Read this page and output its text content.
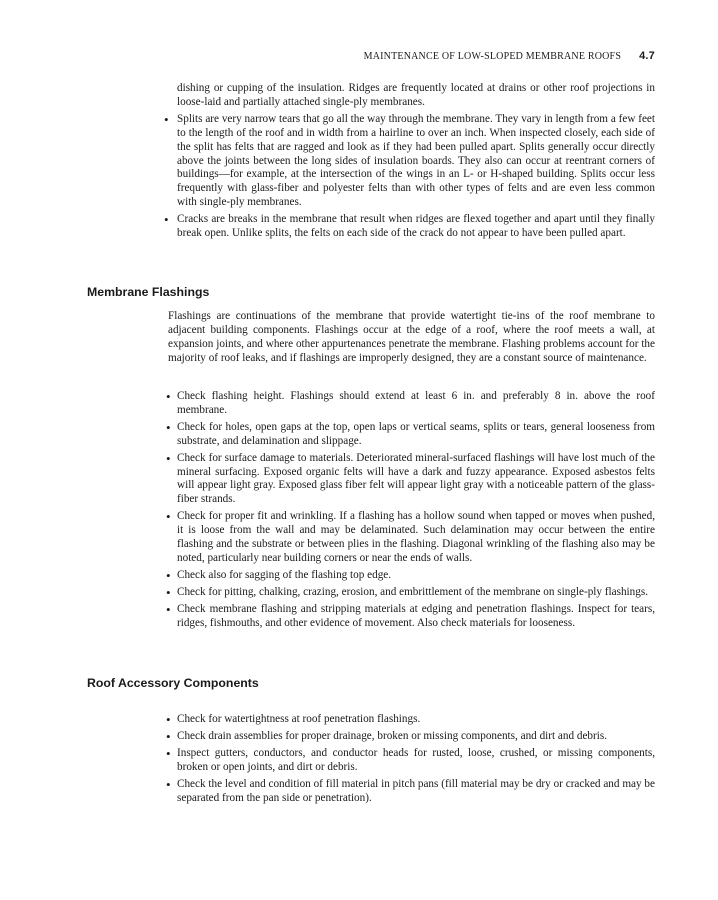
MAINTENANCE OF LOW-SLOPED MEMBRANE ROOFS 4.7
dishing or cupping of the insulation. Ridges are frequently located at drains or other roof projections in loose-laid and partially attached single-ply membranes.
• Splits are very narrow tears that go all the way through the membrane. They vary in length from a few feet to the length of the roof and in width from a hairline to over an inch. When inspected closely, each side of the split has felts that are ragged and look as if they had been pulled apart. Splits generally occur directly above the joints between the long sides of insulation boards. They also can occur at reentrant corners of buildings—for example, at the intersection of the wings in an L- or H-shaped building. Splits occur less frequently with glass-fiber and polyester felts than with other types of felts and are even less common with single-ply membranes.
• Cracks are breaks in the membrane that result when ridges are flexed together and apart until they finally break open. Unlike splits, the felts on each side of the crack do not appear to have been pulled apart.
Membrane Flashings
Flashings are continuations of the membrane that provide watertight tie-ins of the roof membrane to adjacent building components. Flashings occur at the edge of a roof, where the roof meets a wall, at expansion joints, and where other appurtenances penetrate the membrane. Flashing problems account for the majority of roof leaks, and if flashings are improperly designed, they are a constant source of maintenance.
• Check flashing height. Flashings should extend at least 6 in. and preferably 8 in. above the roof membrane.
• Check for holes, open gaps at the top, open laps or vertical seams, splits or tears, general looseness from substrate, and delamination and slippage.
• Check for surface damage to materials. Deteriorated mineral-surfaced flashings will have lost much of the mineral surfacing. Exposed organic felts will have a dark and fuzzy appearance. Exposed asbestos felts will appear light gray. Exposed glass fiber felt will appear light gray with a noticeable pattern of the glass-fiber strands.
• Check for proper fit and wrinkling. If a flashing has a hollow sound when tapped or moves when pushed, it is loose from the wall and may be delaminated. Such delamination may occur between the entire flashing and the substrate or between plies in the flashing. Diagonal wrinkling of the flashing also may be noted, particularly near building corners or near the ends of walls.
• Check also for sagging of the flashing top edge.
• Check for pitting, chalking, crazing, erosion, and embrittlement of the membrane on single-ply flashings.
• Check membrane flashing and stripping materials at edging and penetration flashings. Inspect for tears, ridges, fishmouths, and other evidence of movement. Also check materials for looseness.
Roof Accessory Components
• Check for watertightness at roof penetration flashings.
• Check drain assemblies for proper drainage, broken or missing components, and dirt and debris.
• Inspect gutters, conductors, and conductor heads for rusted, loose, crushed, or missing components, broken or open joints, and dirt or debris.
• Check the level and condition of fill material in pitch pans (fill material may be dry or cracked and may be separated from the pan side or penetration).
